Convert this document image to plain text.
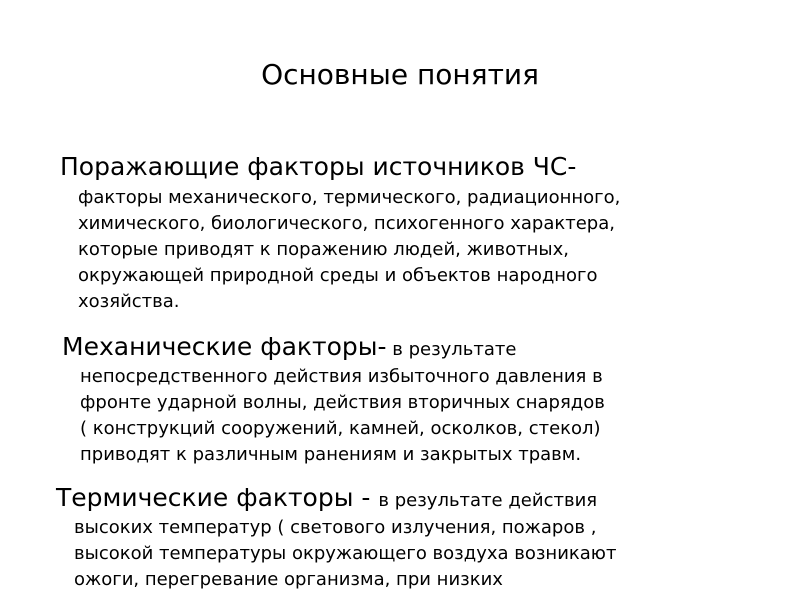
Основные понятия
Поражающие факторы источников ЧС-
факторы механического, термического, радиационного,
химического, биологического, психогенного характера,
которые приводят к поражению людей, животных,
окружающей природной среды и объектов народного
хозяйства.
Механические факторы- в результате
непосредственного действия избыточного давления в
фронте ударной волны, действия вторичных снарядов
( конструкций сооружений, камней, осколков, стекол)
приводят к различным ранениям и закрытых травм.
Термические факторы - в результате действия
высоких температур ( светового излучения, пожаров ,
высокой температуры окружающего воздуха возникают
ожоги, перегревание организма, при низких
